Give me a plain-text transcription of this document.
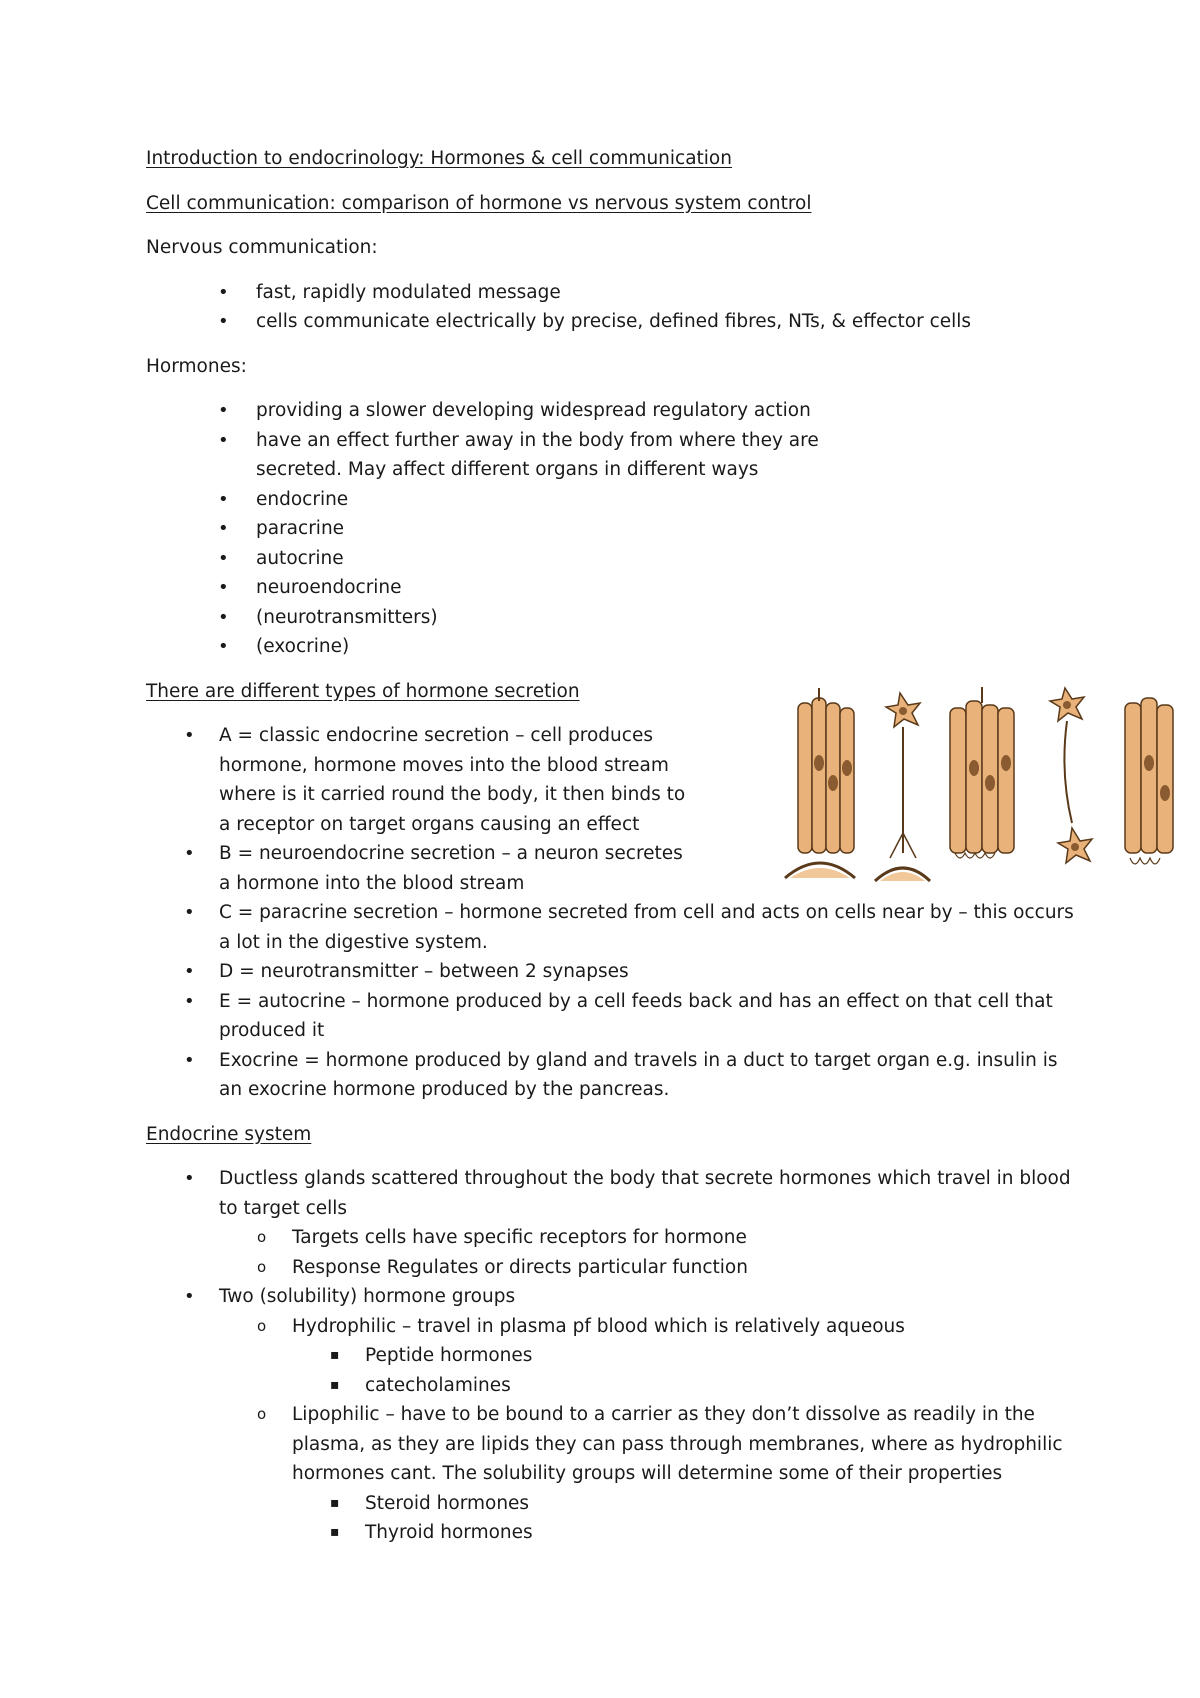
Introduction to endocrinology: Hormones & cell communication

Cell communication: comparison of hormone vs nervous system control

Nervous communication:

• fast, rapidly modulated message
• cells communicate electrically by precise, defined fibres, NTs, & effector cells

Hormones:

• providing a slower developing widespread regulatory action
• have an effect further away in the body from where they are secreted. May affect different organs in different ways
• endocrine
• paracrine
• autocrine
• neuroendocrine
• (neurotransmitters)
• (exocrine)

There are different types of hormone secretion

• A = classic endocrine secretion – cell produces hormone, hormone moves into the blood stream where is it carried round the body, it then binds to a receptor on target organs causing an effect
• B = neuroendocrine secretion – a neuron secretes a hormone into the blood stream
• C = paracrine secretion – hormone secreted from cell and acts on cells near by – this occurs a lot in the digestive system.
• D = neurotransmitter – between 2 synapses
• E = autocrine – hormone produced by a cell feeds back and has an effect on that cell that produced it
• Exocrine = hormone produced by gland and travels in a duct to target organ e.g. insulin is an exocrine hormone produced by the pancreas.

Endocrine system

• Ductless glands scattered throughout the body that secrete hormones which travel in blood to target cells
o Targets cells have specific receptors for hormone
o Response Regulates or directs particular function
• Two (solubility) hormone groups
o Hydrophilic – travel in plasma pf blood which is relatively aqueous
▪ Peptide hormones
▪ catecholamines
o Lipophilic – have to be bound to a carrier as they don’t dissolve as readily in the plasma, as they are lipids they can pass through membranes, where as hydrophilic hormones cant. The solubility groups will determine some of their properties
▪ Steroid hormones
▪ Thyroid hormones
